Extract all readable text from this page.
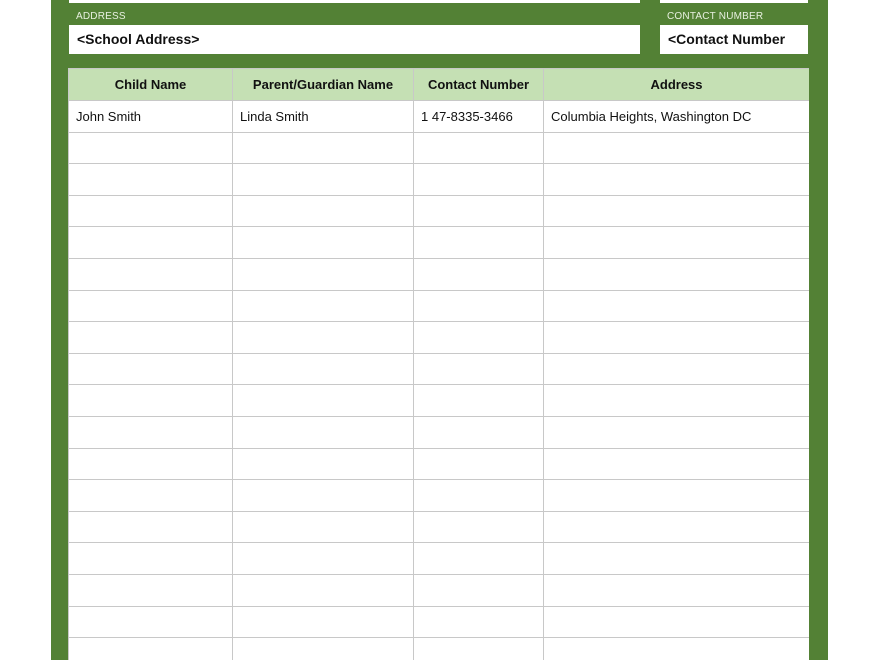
ADDRESS
<School Address>
CONTACT NUMBER
<Contact Number
Child Name	Parent/Guardian Name	Contact Number	Address
John Smith	Linda Smith	1 47-8335-3466	Columbia Heights, Washington DC
